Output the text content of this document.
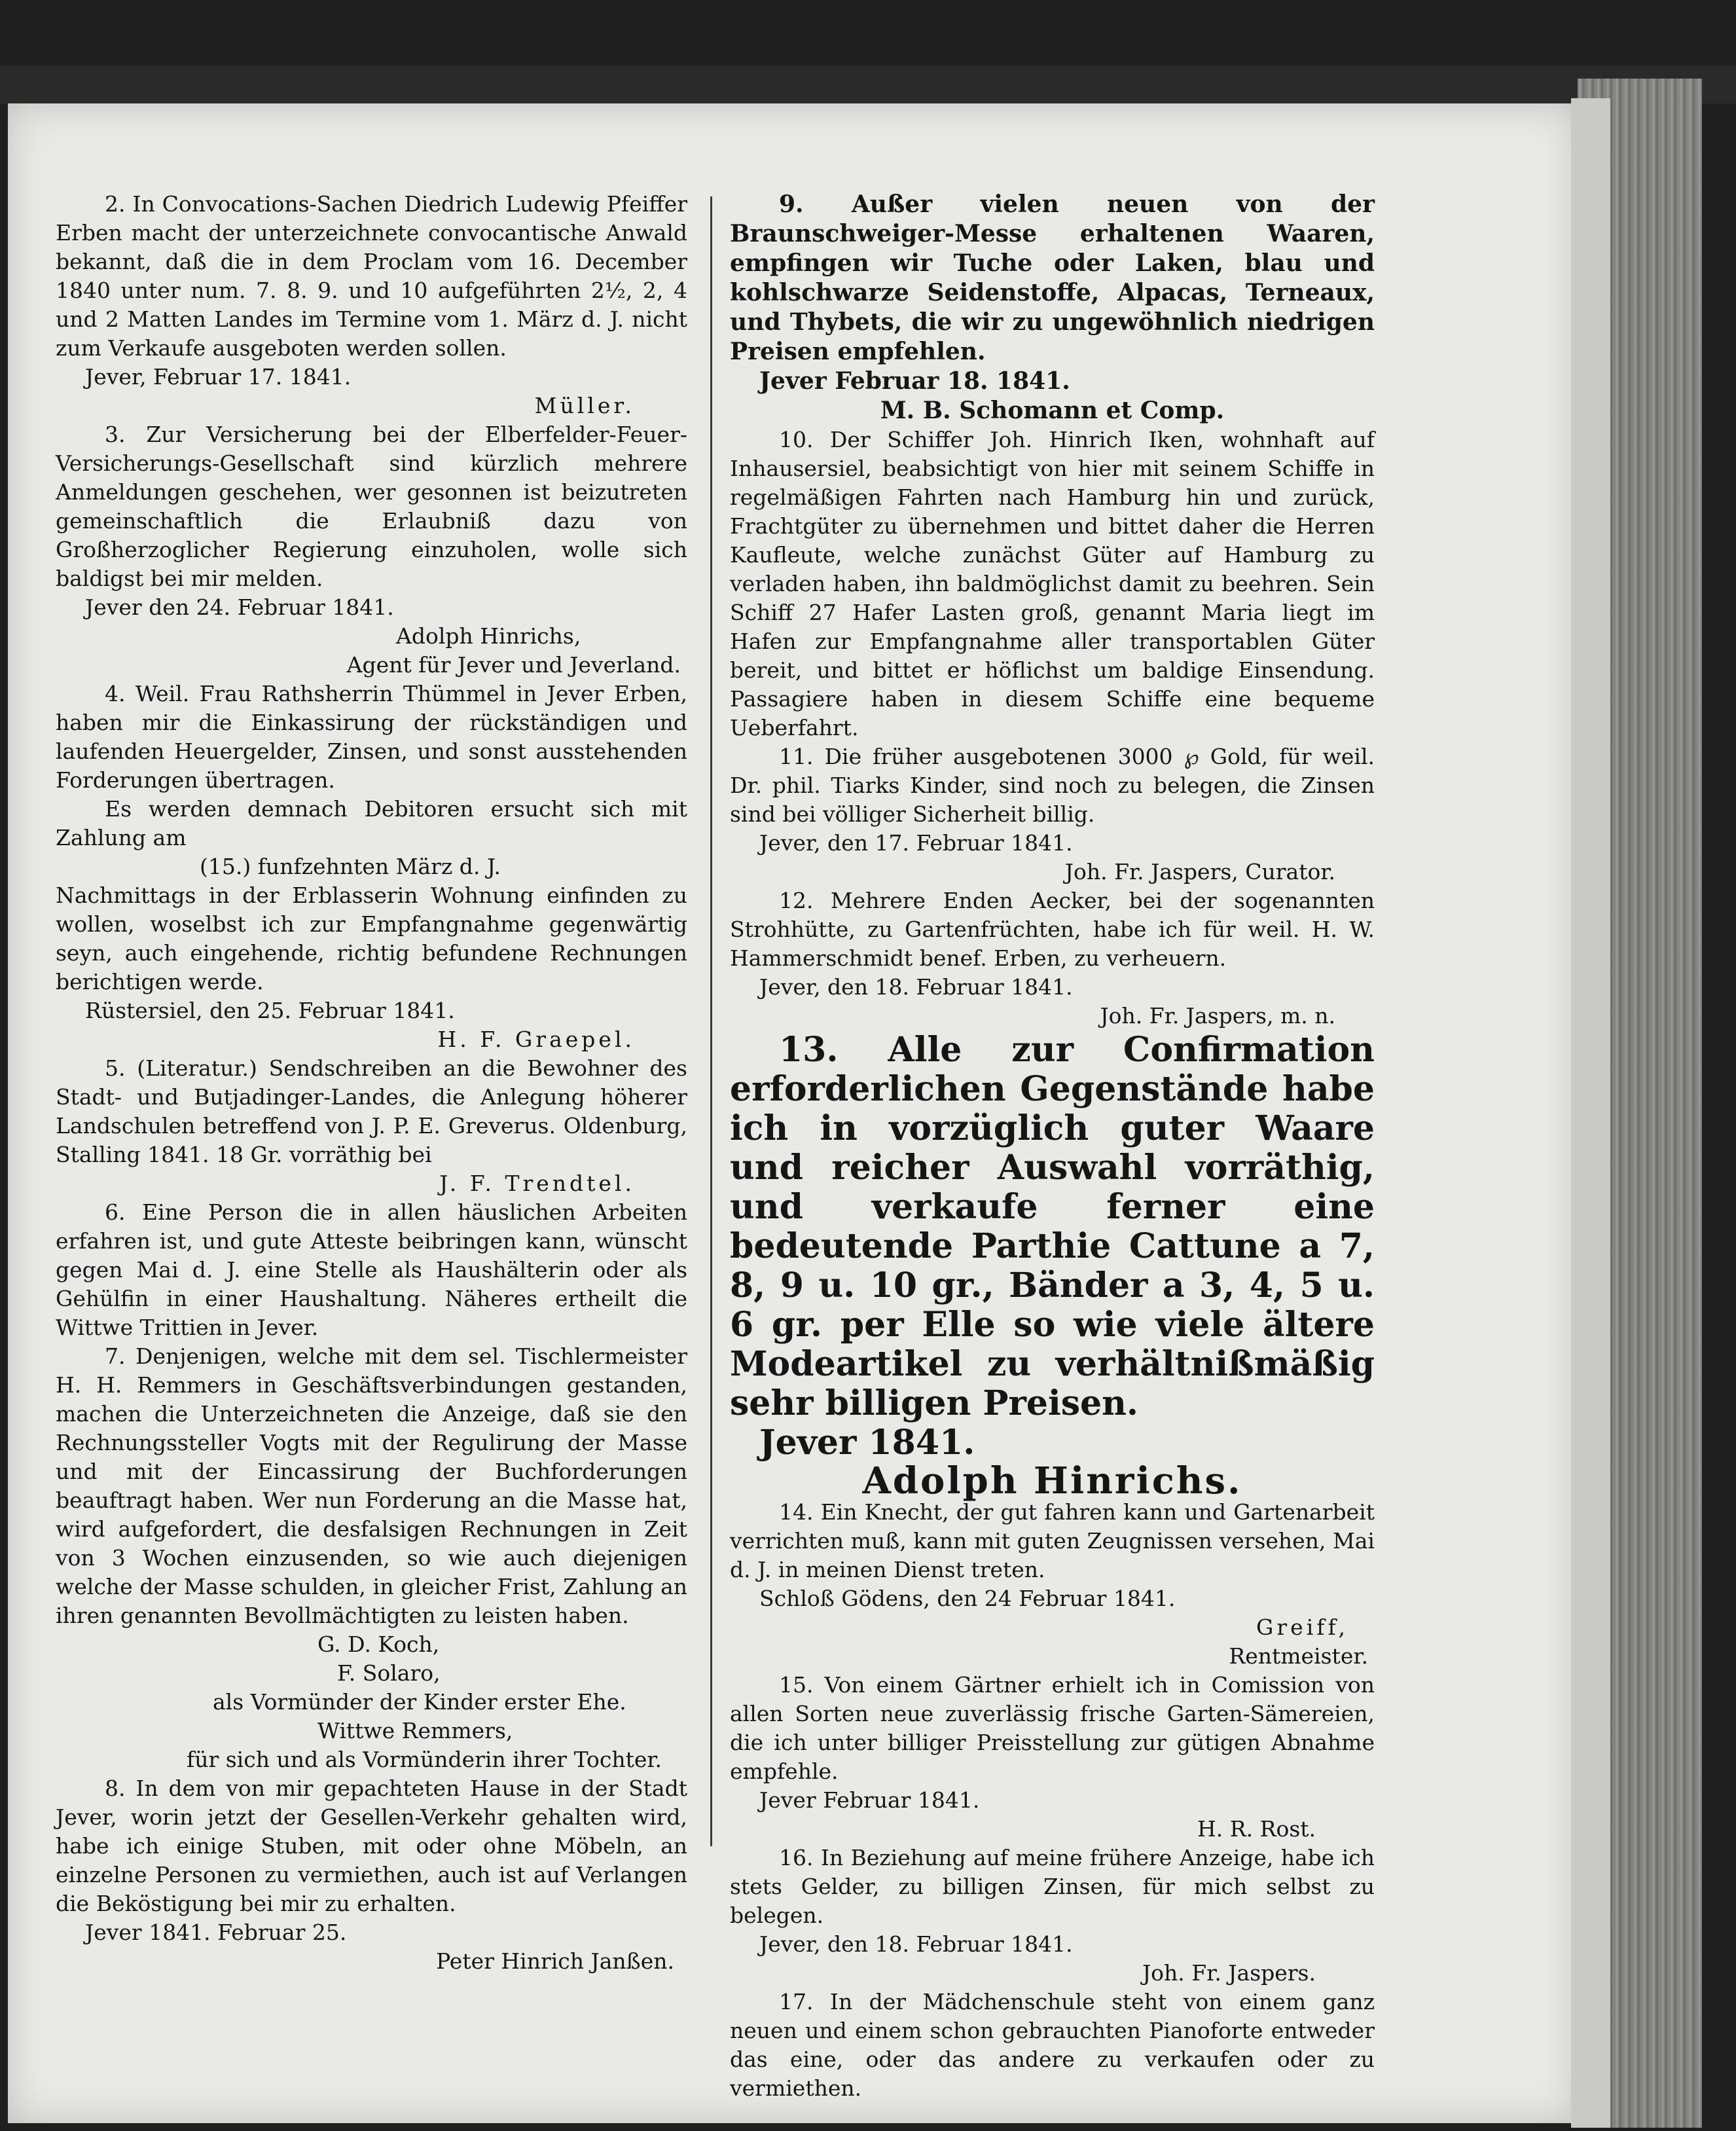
2. In Convocations-Sachen Diedrich Ludewig Pfeiffer Erben macht der unterzeichnete convocantische Anwald bekannt, daß die in dem Proclam vom 16. December 1840 unter num. 7. 8. 9. und 10 aufgeführten 2½, 2, 4 und 2 Matten Landes im Termine vom 1. März d. J. nicht zum Verkaufe ausgeboten werden sollen.

Jever, Februar 17. 1841.

Müller.

3. Zur Versicherung bei der Elberfelder-Feuer-Versicherungs-Gesellschaft sind kürzlich mehrere Anmeldungen geschehen, wer gesonnen ist beizutreten gemeinschaftlich die Erlaubniß dazu von Großherzoglicher Regierung einzuholen, wolle sich baldigst bei mir melden.

Jever den 24. Februar 1841.

Adolph Hinrichs,

Agent für Jever und Jeverland.

4. Weil. Frau Rathsherrin Thümmel in Jever Erben, haben mir die Einkassirung der rückständigen und laufenden Heuergelder, Zinsen, und sonst ausstehenden Forderungen übertragen.

Es werden demnach Debitoren ersucht sich mit Zahlung am

(15.) funfzehnten März d. J.

Nachmittags in der Erblasserin Wohnung einfinden zu wollen, woselbst ich zur Empfangnahme gegenwärtig seyn, auch eingehende, richtig befundene Rechnungen berichtigen werde.

Rüstersiel, den 25. Februar 1841.

H. F. Graepel.

5. (Literatur.) Sendschreiben an die Bewohner des Stadt- und Butjadinger-Landes, die Anlegung höherer Landschulen betreffend von J. P. E. Greverus. Oldenburg, Stalling 1841. 18 Gr. vorräthig bei

J. F. Trendtel.

6. Eine Person die in allen häuslichen Arbeiten erfahren ist, und gute Atteste beibringen kann, wünscht gegen Mai d. J. eine Stelle als Haushälterin oder als Gehülfin in einer Haushaltung. Näheres ertheilt die Wittwe Trittien in Jever.

7. Denjenigen, welche mit dem sel. Tischlermeister H. H. Remmers in Geschäftsverbindungen gestanden, machen die Unterzeichneten die Anzeige, daß sie den Rechnungssteller Vogts mit der Regulirung der Masse und mit der Eincassirung der Buchforderungen beauftragt haben. Wer nun Forderung an die Masse hat, wird aufgefordert, die desfalsigen Rechnungen in Zeit von 3 Wochen einzusenden, so wie auch diejenigen welche der Masse schulden, in gleicher Frist, Zahlung an ihren genannten Bevollmächtigten zu leisten haben.

G. D. Koch,

F. Solaro,

als Vormünder der Kinder erster Ehe.

Wittwe Remmers,

für sich und als Vormünderin ihrer Tochter.

8. In dem von mir gepachteten Hause in der Stadt Jever, worin jetzt der Gesellen-Verkehr gehalten wird, habe ich einige Stuben, mit oder ohne Möbeln, an einzelne Personen zu vermiethen, auch ist auf Verlangen die Beköstigung bei mir zu erhalten.

Jever 1841. Februar 25.

Peter Hinrich Janßen.

9. Außer vielen neuen von der Braunschweiger-Messe erhaltenen Waaren, empfingen wir Tuche oder Laken, blau und kohlschwarze Seidenstoffe, Alpacas, Terneaux, und Thybets, die wir zu ungewöhnlich niedrigen Preisen empfehlen.

Jever Februar 18. 1841.

M. B. Schomann et Comp.

10. Der Schiffer Joh. Hinrich Iken, wohnhaft auf Inhausersiel, beabsichtigt von hier mit seinem Schiffe in regelmäßigen Fahrten nach Hamburg hin und zurück, Frachtgüter zu übernehmen und bittet daher die Herren Kaufleute, welche zunächst Güter auf Hamburg zu verladen haben, ihn baldmöglichst damit zu beehren. Sein Schiff 27 Hafer Lasten groß, genannt Maria liegt im Hafen zur Empfangnahme aller transportablen Güter bereit, und bittet er höflichst um baldige Einsendung. Passagiere haben in diesem Schiffe eine bequeme Ueberfahrt.

11. Die früher ausgebotenen 3000 ℘ Gold, für weil. Dr. phil. Tiarks Kinder, sind noch zu belegen, die Zinsen sind bei völliger Sicherheit billig.

Jever, den 17. Februar 1841.

Joh. Fr. Jaspers, Curator.

12. Mehrere Enden Aecker, bei der sogenannten Strohhütte, zu Gartenfrüchten, habe ich für weil. H. W. Hammerschmidt benef. Erben, zu verheuern.

Jever, den 18. Februar 1841.

Joh. Fr. Jaspers, m. n.

13. Alle zur Confirmation erforderlichen Gegenstände habe ich in vorzüglich guter Waare und reicher Auswahl vorräthig, und verkaufe ferner eine bedeutende Parthie Cattune a 7, 8, 9 u. 10 gr., Bänder a 3, 4, 5 u. 6 gr. per Elle so wie viele ältere Modeartikel zu verhältnißmäßig sehr billigen Preisen.

Jever 1841.

Adolph Hinrichs.

14. Ein Knecht, der gut fahren kann und Gartenarbeit verrichten muß, kann mit guten Zeugnissen versehen, Mai d. J. in meinen Dienst treten.

Schloß Gödens, den 24 Februar 1841.

Greiff,

Rentmeister.

15. Von einem Gärtner erhielt ich in Comission von allen Sorten neue zuverlässig frische Garten-Sämereien, die ich unter billiger Preisstellung zur gütigen Abnahme empfehle.

Jever Februar 1841.

H. R. Rost.

16. In Beziehung auf meine frühere Anzeige, habe ich stets Gelder, zu billigen Zinsen, für mich selbst zu belegen.

Jever, den 18. Februar 1841.

Joh. Fr. Jaspers.

17. In der Mädchenschule steht von einem ganz neuen und einem schon gebrauchten Pianoforte entweder das eine, oder das andere zu verkaufen oder zu vermiethen.
